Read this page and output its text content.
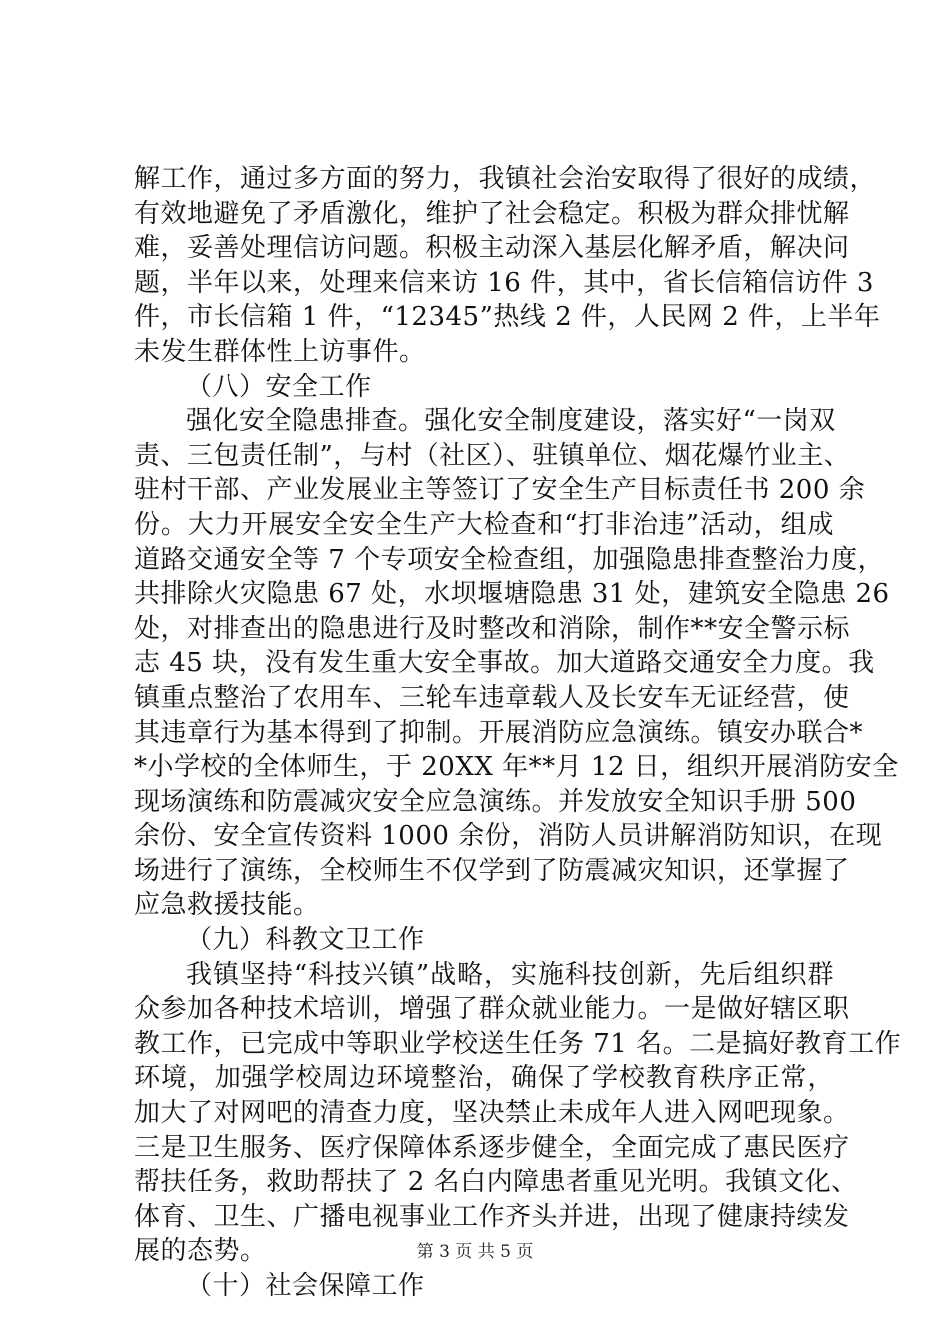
解工作，通过多方面的努力，我镇社会治安取得了很好的成绩，
有效地避免了矛盾激化，维护了社会稳定。积极为群众排忧解
难，妥善处理信访问题。积极主动深入基层化解矛盾，解决问
题，半年以来，处理来信来访 16 件，其中，省长信箱信访件 3
件，市长信箱 1 件，“12345”热线 2 件，人民网 2 件，上半年
未发生群体性上访事件。
（八）安全工作
强化安全隐患排查。强化安全制度建设，落实好“一岗双
责、三包责任制”，与村（社区）、驻镇单位、烟花爆竹业主、
驻村干部、产业发展业主等签订了安全生产目标责任书 200 余
份。大力开展安全安全生产大检查和“打非治违”活动，组成
道路交通安全等 7 个专项安全检查组，加强隐患排查整治力度，
共排除火灾隐患 67 处，水坝堰塘隐患 31 处，建筑安全隐患 26
处，对排查出的隐患进行及时整改和消除，制作**安全警示标
志 45 块，没有发生重大安全事故。加大道路交通安全力度。我
镇重点整治了农用车、三轮车违章载人及长安车无证经营，使
其违章行为基本得到了抑制。开展消防应急演练。镇安办联合*
*小学校的全体师生，于 20XX 年**月 12 日，组织开展消防安全
现场演练和防震减灾安全应急演练。并发放安全知识手册 500
余份、安全宣传资料 1000 余份，消防人员讲解消防知识，在现
场进行了演练，全校师生不仅学到了防震减灾知识，还掌握了
应急救援技能。
（九）科教文卫工作
我镇坚持“科技兴镇”战略，实施科技创新，先后组织群
众参加各种技术培训，增强了群众就业能力。一是做好辖区职
教工作，已完成中等职业学校送生任务 71 名。二是搞好教育工作
环境，加强学校周边环境整治，确保了学校教育秩序正常，
加大了对网吧的清查力度，坚决禁止未成年人进入网吧现象。
三是卫生服务、医疗保障体系逐步健全，全面完成了惠民医疗
帮扶任务，救助帮扶了 2 名白内障患者重见光明。我镇文化、
体育、卫生、广播电视事业工作齐头并进，出现了健康持续发
展的态势。
（十）社会保障工作
第 3 页 共 5 页
